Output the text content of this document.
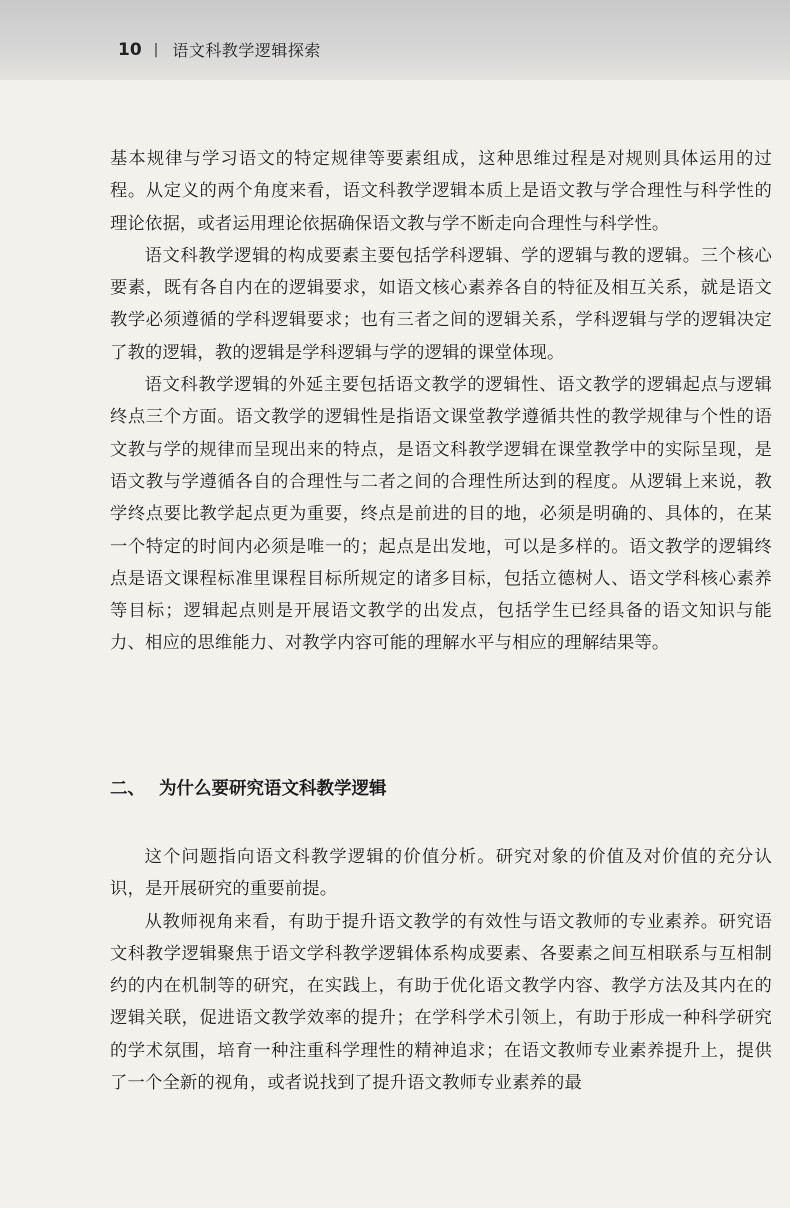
10 | 语文科教学逻辑探索

基本规律与学习语文的特定规律等要素组成，这种思维过程是对规则具体运用的过程。从定义的两个角度来看，语文科教学逻辑本质上是语文教与学合理性与科学性的理论依据，或者运用理论依据确保语文教与学不断走向合理性与科学性。

语文科教学逻辑的构成要素主要包括学科逻辑、学的逻辑与教的逻辑。三个核心要素，既有各自内在的逻辑要求，如语文核心素养各自的特征及相互关系，就是语文教学必须遵循的学科逻辑要求；也有三者之间的逻辑关系，学科逻辑与学的逻辑决定了教的逻辑，教的逻辑是学科逻辑与学的逻辑的课堂体现。

语文科教学逻辑的外延主要包括语文教学的逻辑性、语文教学的逻辑起点与逻辑终点三个方面。语文教学的逻辑性是指语文课堂教学遵循共性的教学规律与个性的语文教与学的规律而呈现出来的特点，是语文科教学逻辑在课堂教学中的实际呈现，是语文教与学遵循各自的合理性与二者之间的合理性所达到的程度。从逻辑上来说，教学终点要比教学起点更为重要，终点是前进的目的地，必须是明确的、具体的，在某一个特定的时间内必须是唯一的；起点是出发地，可以是多样的。语文教学的逻辑终点是语文课程标准里课程目标所规定的诸多目标，包括立德树人、语文学科核心素养等目标；逻辑起点则是开展语文教学的出发点，包括学生已经具备的语文知识与能力、相应的思维能力、对教学内容可能的理解水平与相应的理解结果等。

二、 为什么要研究语文科教学逻辑

这个问题指向语文科教学逻辑的价值分析。研究对象的价值及对价值的充分认识，是开展研究的重要前提。

从教师视角来看，有助于提升语文教学的有效性与语文教师的专业素养。研究语文科教学逻辑聚焦于语文学科教学逻辑体系构成要素、各要素之间互相联系与互相制约的内在机制等的研究，在实践上，有助于优化语文教学内容、教学方法及其内在的逻辑关联，促进语文教学效率的提升；在学科学术引领上，有助于形成一种科学研究的学术氛围，培育一种注重科学理性的精神追求；在语文教师专业素养提升上，提供了一个全新的视角，或者说找到了提升语文教师专业素养的最
